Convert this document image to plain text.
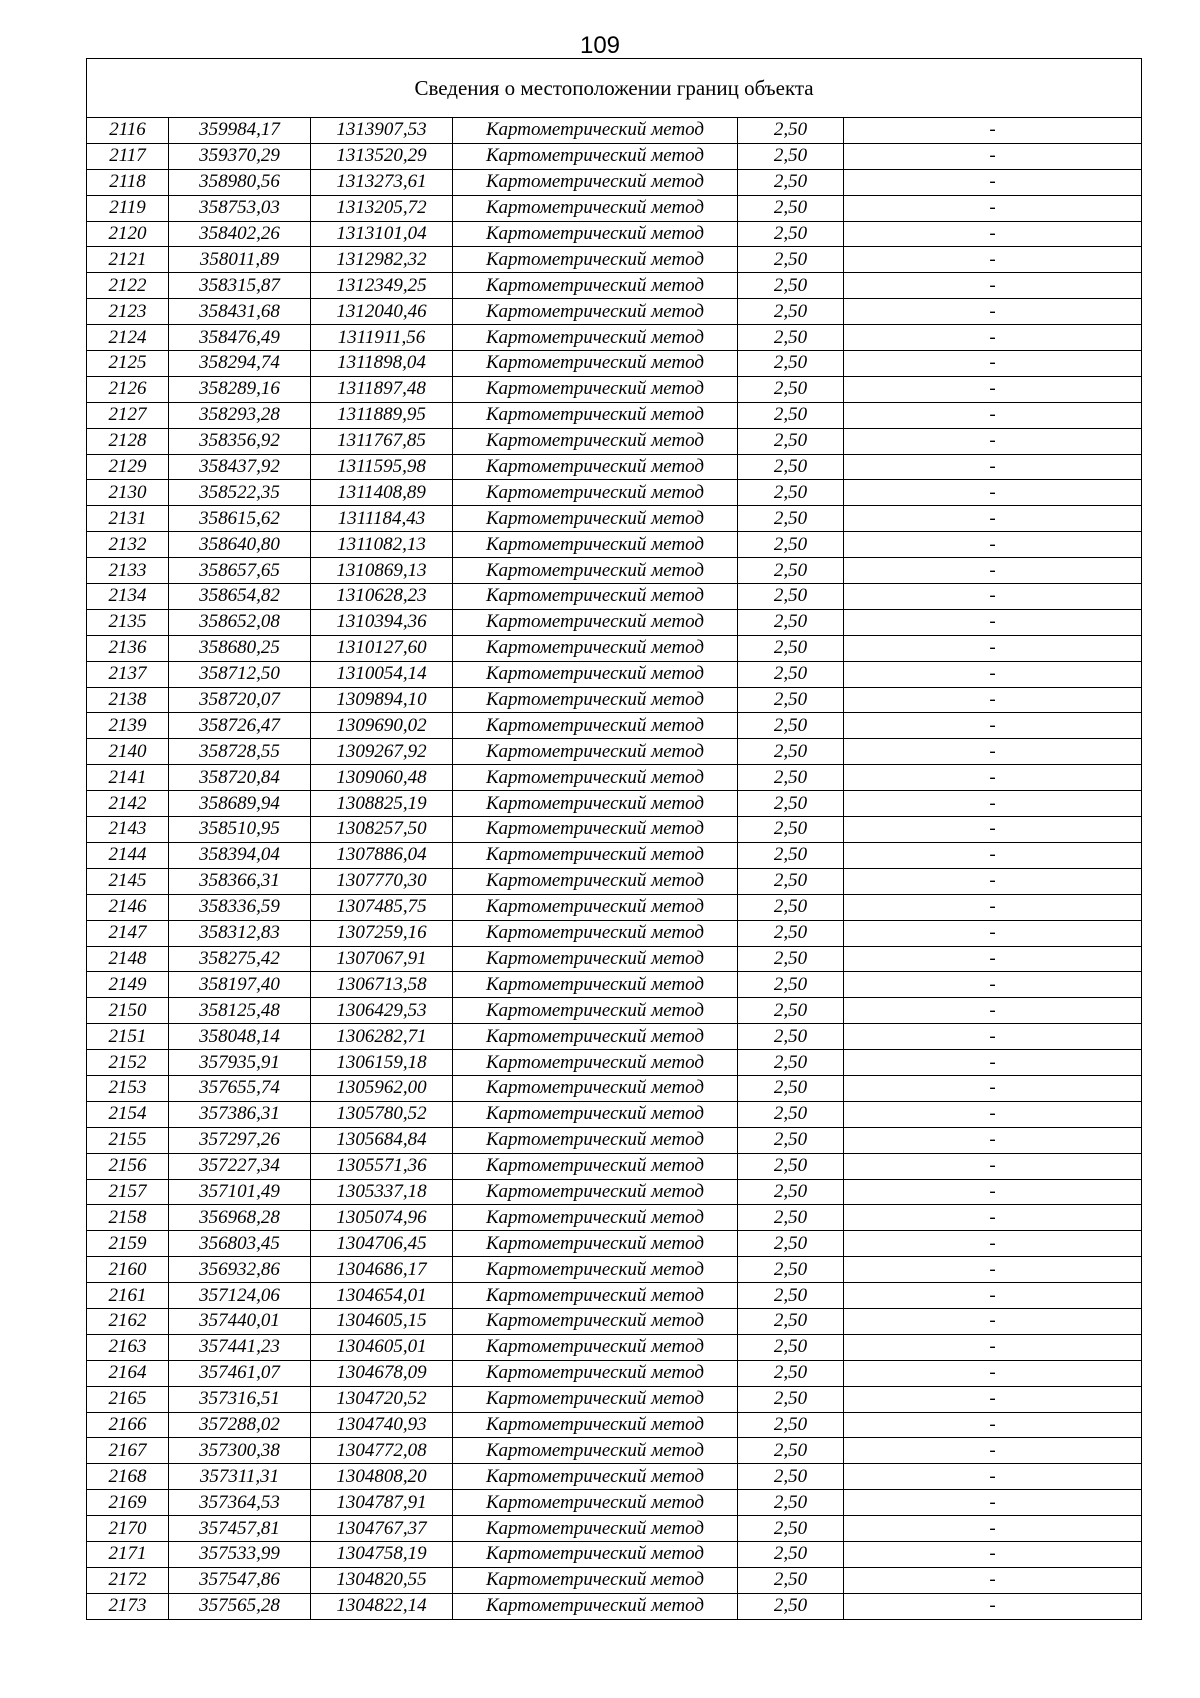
109
Сведения о местоположении границ объекта					
2116	359984,17	1313907,53	Картометрический метод	2,50	-
2117	359370,29	1313520,29	Картометрический метод	2,50	-
2118	358980,56	1313273,61	Картометрический метод	2,50	-
2119	358753,03	1313205,72	Картометрический метод	2,50	-
2120	358402,26	1313101,04	Картометрический метод	2,50	-
2121	358011,89	1312982,32	Картометрический метод	2,50	-
2122	358315,87	1312349,25	Картометрический метод	2,50	-
2123	358431,68	1312040,46	Картометрический метод	2,50	-
2124	358476,49	1311911,56	Картометрический метод	2,50	-
2125	358294,74	1311898,04	Картометрический метод	2,50	-
2126	358289,16	1311897,48	Картометрический метод	2,50	-
2127	358293,28	1311889,95	Картометрический метод	2,50	-
2128	358356,92	1311767,85	Картометрический метод	2,50	-
2129	358437,92	1311595,98	Картометрический метод	2,50	-
2130	358522,35	1311408,89	Картометрический метод	2,50	-
2131	358615,62	1311184,43	Картометрический метод	2,50	-
2132	358640,80	1311082,13	Картометрический метод	2,50	-
2133	358657,65	1310869,13	Картометрический метод	2,50	-
2134	358654,82	1310628,23	Картометрический метод	2,50	-
2135	358652,08	1310394,36	Картометрический метод	2,50	-
2136	358680,25	1310127,60	Картометрический метод	2,50	-
2137	358712,50	1310054,14	Картометрический метод	2,50	-
2138	358720,07	1309894,10	Картометрический метод	2,50	-
2139	358726,47	1309690,02	Картометрический метод	2,50	-
2140	358728,55	1309267,92	Картометрический метод	2,50	-
2141	358720,84	1309060,48	Картометрический метод	2,50	-
2142	358689,94	1308825,19	Картометрический метод	2,50	-
2143	358510,95	1308257,50	Картометрический метод	2,50	-
2144	358394,04	1307886,04	Картометрический метод	2,50	-
2145	358366,31	1307770,30	Картометрический метод	2,50	-
2146	358336,59	1307485,75	Картометрический метод	2,50	-
2147	358312,83	1307259,16	Картометрический метод	2,50	-
2148	358275,42	1307067,91	Картометрический метод	2,50	-
2149	358197,40	1306713,58	Картометрический метод	2,50	-
2150	358125,48	1306429,53	Картометрический метод	2,50	-
2151	358048,14	1306282,71	Картометрический метод	2,50	-
2152	357935,91	1306159,18	Картометрический метод	2,50	-
2153	357655,74	1305962,00	Картометрический метод	2,50	-
2154	357386,31	1305780,52	Картометрический метод	2,50	-
2155	357297,26	1305684,84	Картометрический метод	2,50	-
2156	357227,34	1305571,36	Картометрический метод	2,50	-
2157	357101,49	1305337,18	Картометрический метод	2,50	-
2158	356968,28	1305074,96	Картометрический метод	2,50	-
2159	356803,45	1304706,45	Картометрический метод	2,50	-
2160	356932,86	1304686,17	Картометрический метод	2,50	-
2161	357124,06	1304654,01	Картометрический метод	2,50	-
2162	357440,01	1304605,15	Картометрический метод	2,50	-
2163	357441,23	1304605,01	Картометрический метод	2,50	-
2164	357461,07	1304678,09	Картометрический метод	2,50	-
2165	357316,51	1304720,52	Картометрический метод	2,50	-
2166	357288,02	1304740,93	Картометрический метод	2,50	-
2167	357300,38	1304772,08	Картометрический метод	2,50	-
2168	357311,31	1304808,20	Картометрический метод	2,50	-
2169	357364,53	1304787,91	Картометрический метод	2,50	-
2170	357457,81	1304767,37	Картометрический метод	2,50	-
2171	357533,99	1304758,19	Картометрический метод	2,50	-
2172	357547,86	1304820,55	Картометрический метод	2,50	-
2173	357565,28	1304822,14	Картометрический метод	2,50	-
